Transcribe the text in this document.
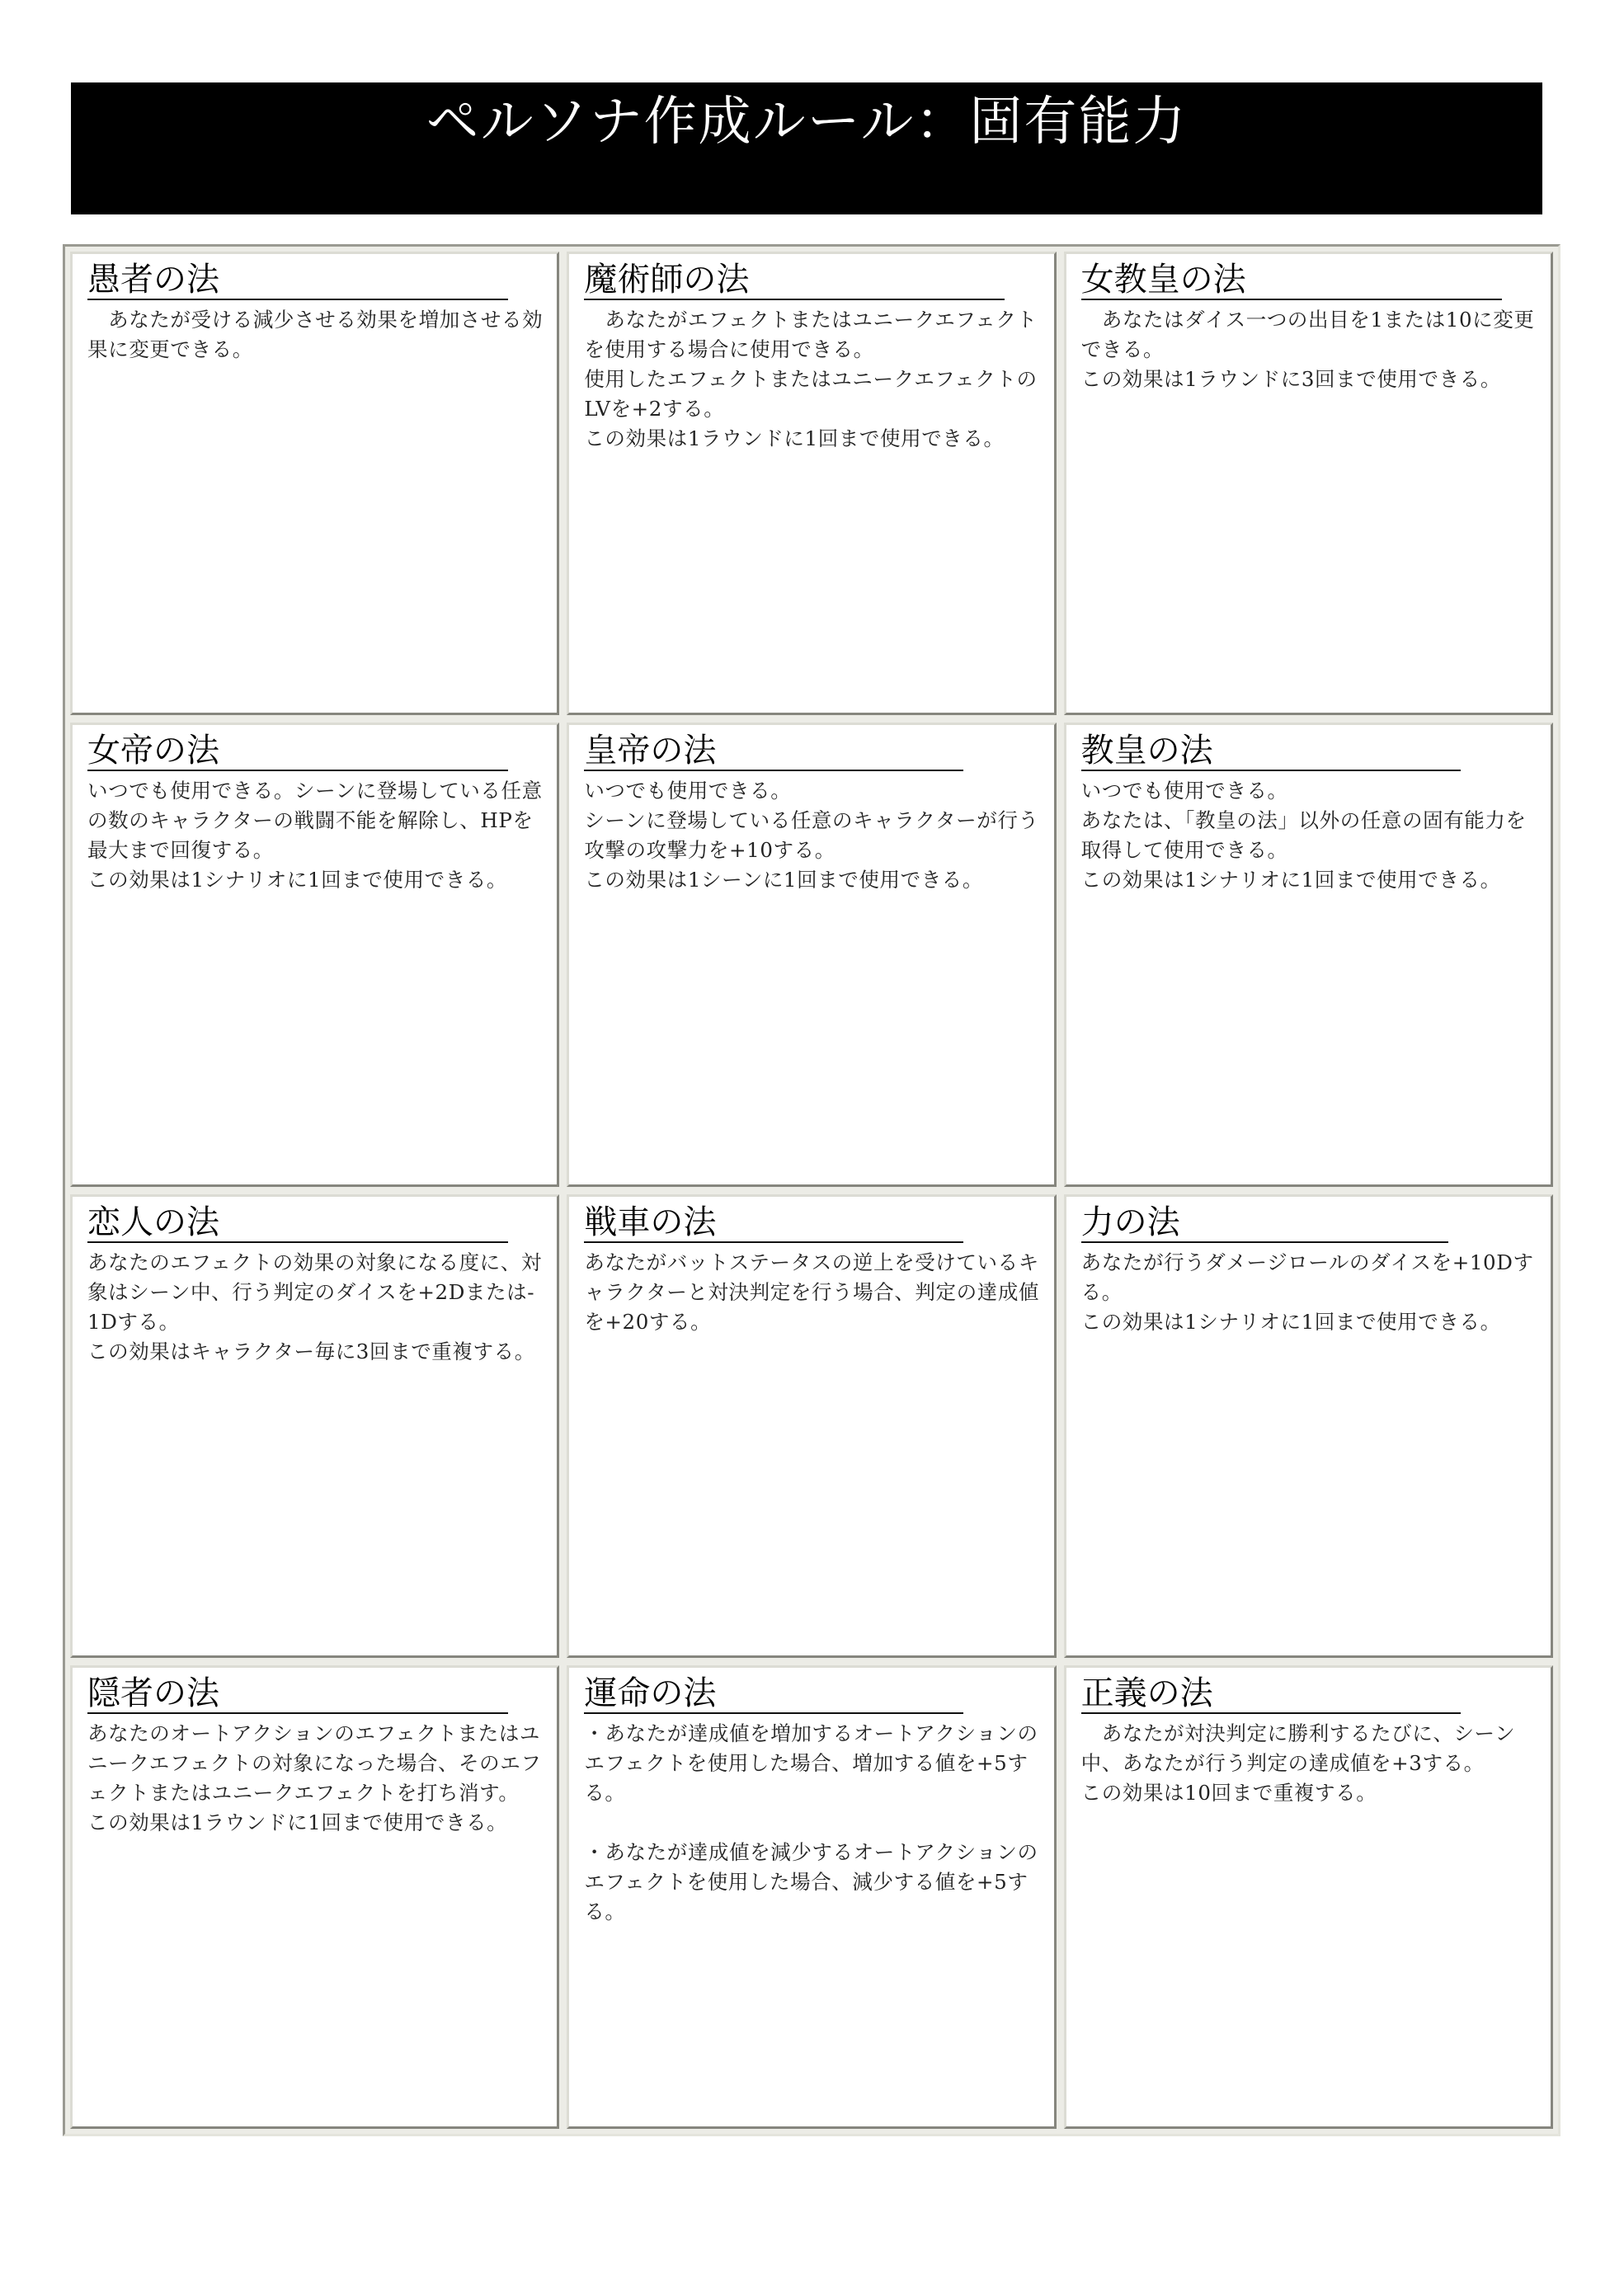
ペルソナ作成ルール：固有能力
愚者の法

　あなたが受ける減少させる効果を増加させる効果に変更できる。

魔術師の法

　あなたがエフェクトまたはユニークエフェクトを使用する場合に使用できる。

使用したエフェクトまたはユニークエフェクトのLVを+2する。

この効果は1ラウンドに1回まで使用できる。

女教皇の法

　あなたはダイス一つの出目を1または10に変更できる。

この効果は1ラウンドに3回まで使用できる。

女帝の法

いつでも使用できる。シーンに登場している任意の数のキャラクターの戦闘不能を解除し、HPを最大まで回復する。

この効果は1シナリオに1回まで使用できる。

皇帝の法

いつでも使用できる。

シーンに登場している任意のキャラクターが行う攻撃の攻撃力を+10する。

この効果は1シーンに1回まで使用できる。

教皇の法

いつでも使用できる。

あなたは、「教皇の法」以外の任意の固有能力を取得して使用できる。

この効果は1シナリオに1回まで使用できる。

恋人の法

あなたのエフェクトの効果の対象になる度に、対象はシーン中、行う判定のダイスを+2Dまたは-1Dする。

この効果はキャラクター毎に3回まで重複する。

戦車の法

あなたがバットステータスの逆上を受けているキャラクターと対決判定を行う場合、判定の達成値を+20する。

力の法

あなたが行うダメージロールのダイスを+10Dする。

この効果は1シナリオに1回まで使用できる。

隠者の法

あなたのオートアクションのエフェクトまたはユニークエフェクトの対象になった場合、そのエフェクトまたはユニークエフェクトを打ち消す。

この効果は1ラウンドに1回まで使用できる。

運命の法

・あなたが達成値を増加するオートアクションのエフェクトを使用した場合、増加する値を+5する。

・あなたが達成値を減少するオートアクションのエフェクトを使用した場合、減少する値を+5する。

正義の法

　あなたが対決判定に勝利するたびに、シーン中、あなたが行う判定の達成値を+3する。

この効果は10回まで重複する。
